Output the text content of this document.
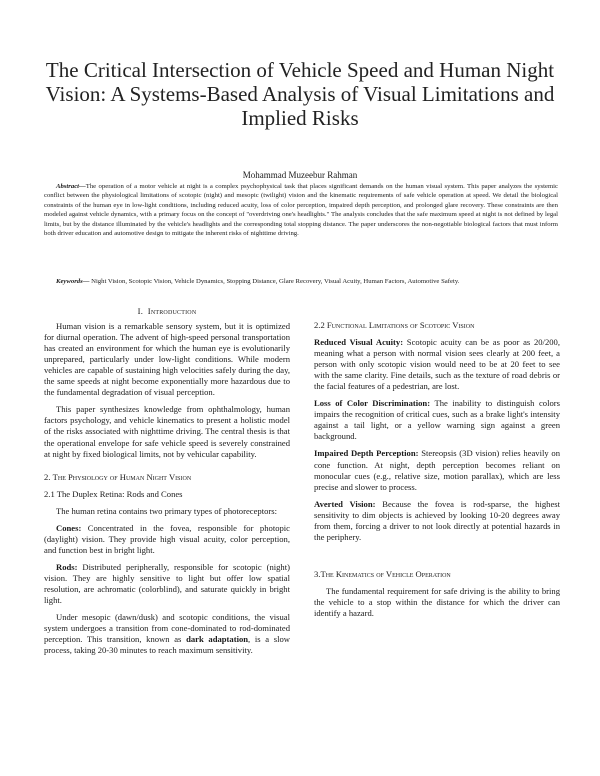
The Critical Intersection of Vehicle Speed and Human Night Vision: A Systems-Based Analysis of Visual Limitations and Implied Risks
Mohammad Muzeebur Rahman
Abstract—The operation of a motor vehicle at night is a complex psychophysical task that places significant demands on the human visual system. This paper analyzes the systemic conflict between the physiological limitations of scotopic (night) and mesopic (twilight) vision and the kinematic requirements of safe vehicle operation at speed. We detail the biological constraints of the human eye in low-light conditions, including reduced acuity, loss of color perception, impaired depth perception, and prolonged glare recovery. These constraints are then modeled against vehicle dynamics, with a primary focus on the concept of "overdriving one's headlights." The analysis concludes that the safe maximum speed at night is not defined by legal limits, but by the distance illuminated by the vehicle's headlights and the corresponding total stopping distance. The paper underscores the non-negotiable biological factors that must inform both driver education and automotive design to mitigate the inherent risks of nighttime driving.
Keywords— Night Vision, Scotopic Vision, Vehicle Dynamics, Stopping Distance, Glare Recovery, Visual Acuity, Human Factors, Automotive Safety.
I. Introduction

Human vision is a remarkable sensory system, but it is optimized for diurnal operation. The advent of high-speed personal transportation has created an environment for which the human eye is evolutionarily unprepared, particularly under low-light conditions. While modern vehicles are capable of sustaining high velocities safely during the day, the same speeds at night become exponentially more hazardous due to the fundamental degradation of visual perception.

This paper synthesizes knowledge from ophthalmology, human factors psychology, and vehicle kinematics to present a holistic model of the risks associated with nighttime driving. The central thesis is that the operational envelope for safe vehicle speed is severely constrained at night by fixed biological limits, not by vehicular capability.

2. The Physiology of Human Night Vision
2.1 The Duplex Retina: Rods and Cones

The human retina contains two primary types of photoreceptors:

Cones: Concentrated in the fovea, responsible for photopic (daylight) vision. They provide high visual acuity, color perception, and function best in bright light.

Rods: Distributed peripherally, responsible for scotopic (night) vision. They are highly sensitive to light but offer low spatial resolution, are achromatic (colorblind), and saturate quickly in bright light.

Under mesopic (dawn/dusk) and scotopic conditions, the visual system undergoes a transition from cone-dominated to rod-dominated perception. This transition, known as dark adaptation, is a slow process, taking 20-30 minutes to reach maximum sensitivity.

2.2 Functional Limitations of Scotopic Vision

Reduced Visual Acuity: Scotopic acuity can be as poor as 20/200, meaning what a person with normal vision sees clearly at 200 feet, a person with only scotopic vision would need to be at 20 feet to see with the same clarity. Fine details, such as the texture of road debris or the facial features of a pedestrian, are lost.

Loss of Color Discrimination: The inability to distinguish colors impairs the recognition of critical cues, such as a brake light's intensity against a tail light, or a yellow warning sign against a green background.

Impaired Depth Perception: Stereopsis (3D vision) relies heavily on cone function. At night, depth perception becomes reliant on monocular cues (e.g., relative size, motion parallax), which are less precise and slower to process.

Averted Vision: Because the fovea is rod-sparse, the highest sensitivity to dim objects is achieved by looking 10-20 degrees away from them, forcing a driver to not look directly at potential hazards in the periphery.

3.The Kinematics of Vehicle Operation

The fundamental requirement for safe driving is the ability to bring the vehicle to a stop within the distance for which the driver can identify a hazard.
